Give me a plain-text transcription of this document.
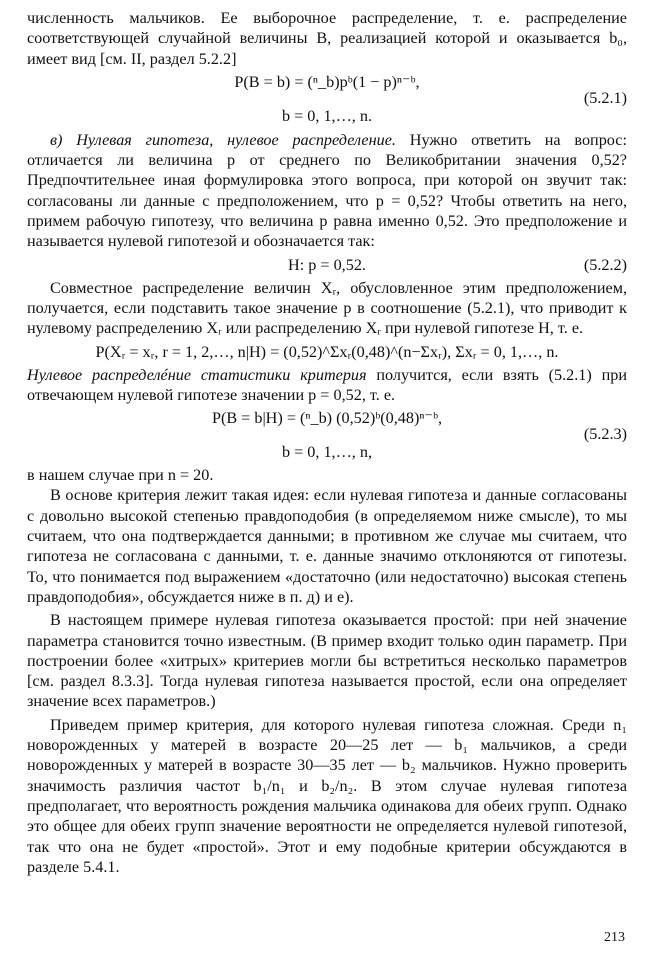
численность мальчиков. Ее выборочное распределение, т. е. распределение соответствующей случайной величины B, реализацией которой и оказывается b₀, имеет вид [см. II, раздел 5.2.2]

P(B = b) = (ⁿ_b)pᵇ(1 − p)ⁿ⁻ᵇ,
(5.2.1)
b = 0, 1,…, n.

в) Нулевая гипотеза, нулевое распределение. Нужно ответить на вопрос: отличается ли величина p от среднего по Великобритании значения 0,52? Предпочтительнее иная формулировка этого вопроса, при которой он звучит так: согласованы ли данные с предположением, что p = 0,52? Чтобы ответить на него, примем рабочую гипотезу, что величина p равна именно 0,52. Это предположение и называется нулевой гипотезой и обозначается так:

H: p = 0,52.	(5.2.2)

Совместное распределение величин Xᵣ, обусловленное этим предположением, получается, если подставить такое значение p в соотношение (5.2.1), что приводит к нулевому распределению Xᵣ или распределению Xᵣ при нулевой гипотезе H, т. е.

P(Xᵣ = xᵣ, r = 1, 2,…, n|H) = (0,52)^Σxᵣ(0,48)^(n−Σxᵣ), Σxᵣ = 0, 1,…, n.

Нулевое распределéние статистики критерия получится, если взять (5.2.1) при отвечающем нулевой гипотезе значении p = 0,52, т. е.

P(B = b|H) = (ⁿ_b) (0,52)ᵇ(0,48)ⁿ⁻ᵇ,
(5.2.3)
b = 0, 1,…, n,

в нашем случае при n = 20.

В основе критерия лежит такая идея: если нулевая гипотеза и данные согласованы с довольно высокой степенью правдоподобия (в определяемом ниже смысле), то мы считаем, что она подтверждается данными; в противном же случае мы считаем, что гипотеза не согласована с данными, т. е. данные значимо отклоняются от гипотезы. То, что понимается под выражением «достаточно (или недостаточно) высокая степень правдоподобия», обсуждается ниже в п. д) и е).

В настоящем примере нулевая гипотеза оказывается простой: при ней значение параметра становится точно известным. (В пример входит только один параметр. При построении более «хитрых» критериев могли бы встретиться несколько параметров [см. раздел 8.3.3]. Тогда нулевая гипотеза называется простой, если она определяет значение всех параметров.)

Приведем пример критерия, для которого нулевая гипотеза сложная. Среди n₁ новорожденных у матерей в возрасте 20—25 лет — b₁ мальчиков, а среди новорожденных у матерей в возрасте 30—35 лет — b₂ мальчиков. Нужно проверить значимость различия частот b₁/n₁ и b₂/n₂. В этом случае нулевая гипотеза предполагает, что вероятность рождения мальчика одинакова для обеих групп. Однако это общее для обеих групп значение вероятности не определяется нулевой гипотезой, так что она не будет «простой». Этот и ему подобные критерии обсуждаются в разделе 5.4.1.

213
